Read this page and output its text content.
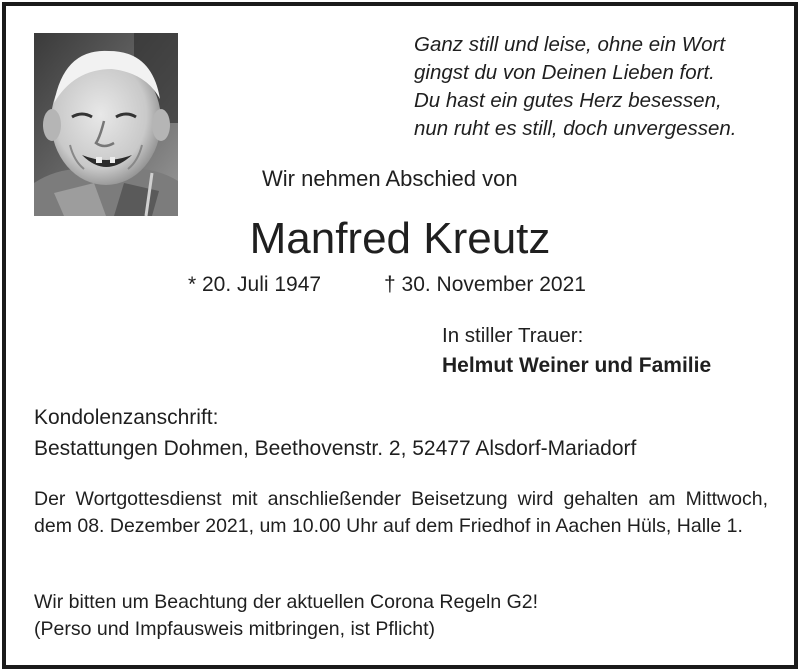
Ganz still und leise, ohne ein Wort
gingst du von Deinen Lieben fort.
Du hast ein gutes Herz besessen,
nun ruht es still, doch unvergessen.
Wir nehmen Abschied von
Manfred Kreutz
* 20. Juli 1947	† 30. November 2021
In stiller Trauer:
Helmut Weiner und Familie
Kondolenzanschrift:
Bestattungen Dohmen, Beethovenstr. 2, 52477 Alsdorf-Mariadorf
Der Wortgottesdienst mit anschließender Beisetzung wird gehalten am Mittwoch, dem 08. Dezember 2021, um 10.00 Uhr auf dem Friedhof in Aachen Hüls, Halle 1.
Wir bitten um Beachtung der aktuellen Corona Regeln G2!
(Perso und Impfausweis mitbringen, ist Pflicht)
